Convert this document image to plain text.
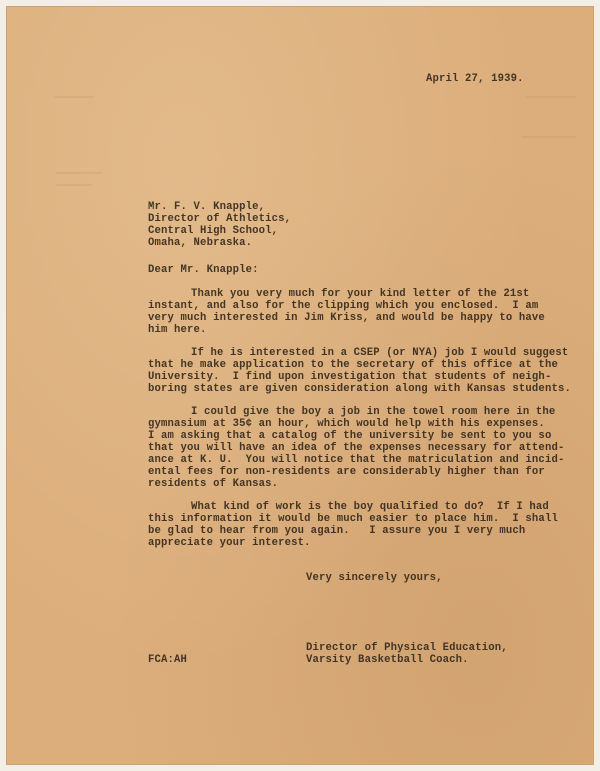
April 27, 1939.
Mr. F. V. Knapple,
Director of Athletics,
Central High School,
Omaha, Nebraska.
Dear Mr. Knapple:
Thank you very much for your kind letter of the 21st
instant, and also for the clipping which you enclosed.  I am
very much interested in Jim Kriss, and would be happy to have
him here.
If he is interested in a CSEP (or NYA) job I would suggest
that he make application to the secretary of this office at the
University.  I find upon investigation that students of neigh-
boring states are given consideration along with Kansas students.
I could give the boy a job in the towel room here in the
gymnasium at 35¢ an hour, which would help with his expenses.
I am asking that a catalog of the university be sent to you so
that you will have an idea of the expenses necessary for attend-
ance at K. U.  You will notice that the matriculation and incid-
ental fees for non-residents are considerably higher than for
residents of Kansas.
What kind of work is the boy qualified to do?  If I had
this information it would be much easier to place him.  I shall
be glad to hear from you again.   I assure you I very much
appreciate your interest.
Very sincerely yours,
Director of Physical Education,
Varsity Basketball Coach.
FCA:AH
